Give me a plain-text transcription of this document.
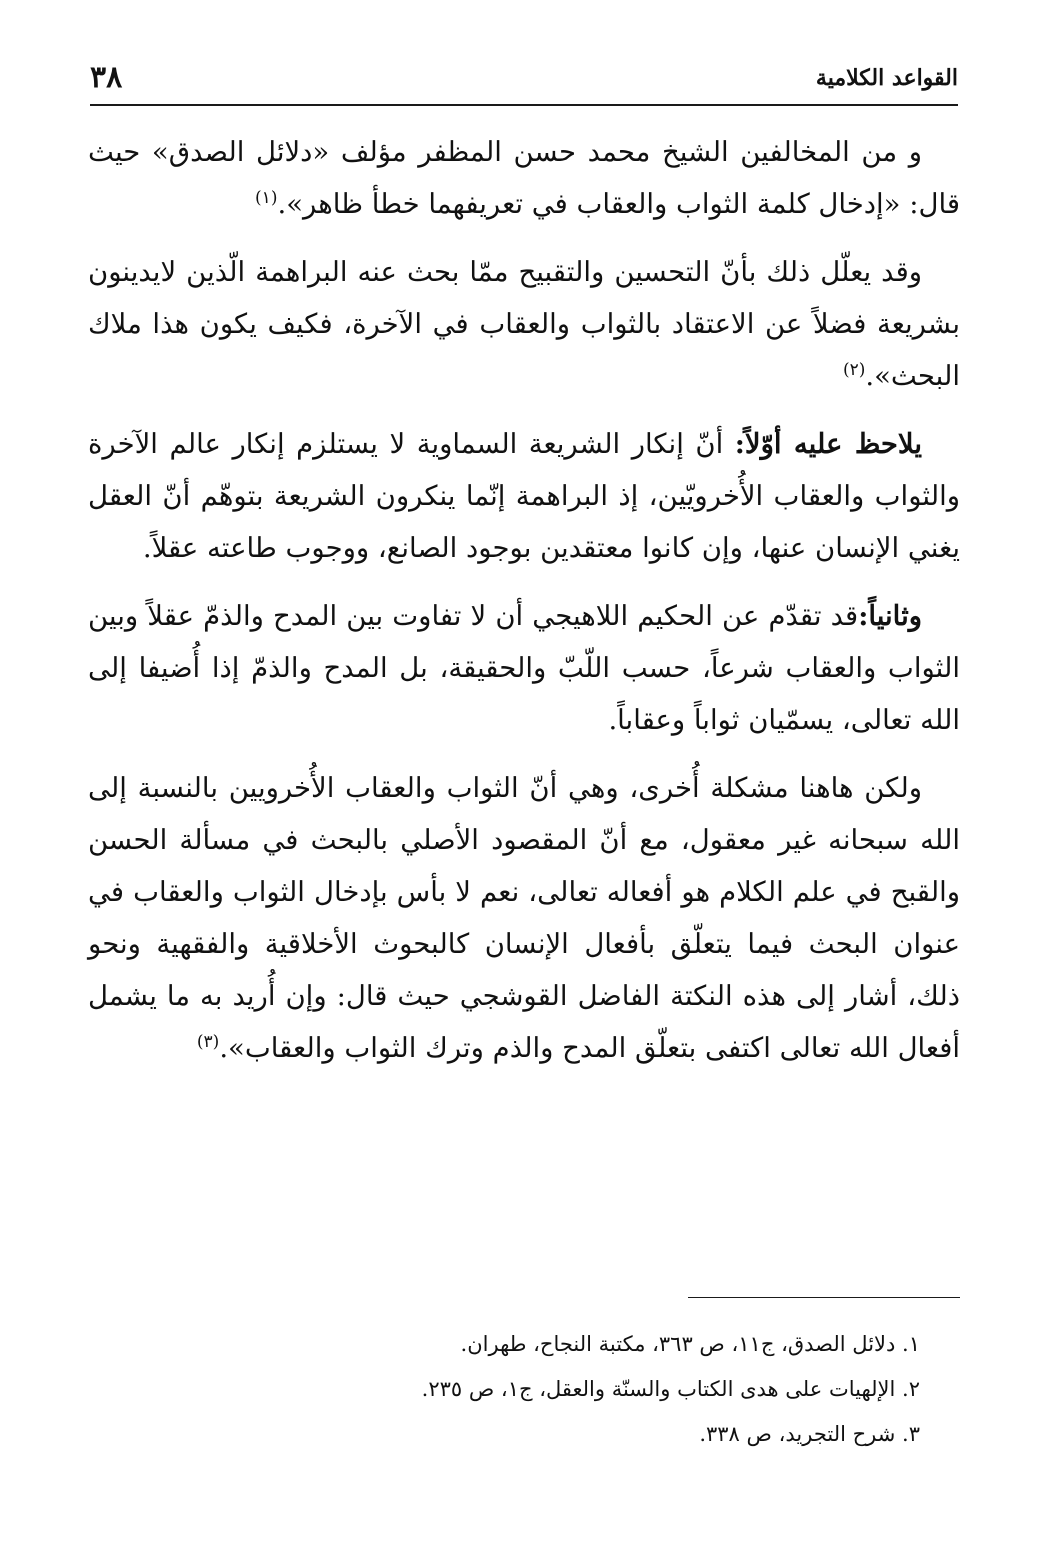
القواعد الكلامية
٣٨

و من المخالفين الشيخ محمد حسن المظفر مؤلف «دلائل الصدق» حيث قال: «إدخال كلمة الثواب والعقاب في تعريفهما خطأ ظاهر».$^{(١)}$

وقد يعلّل ذلك بأنّ التحسين والتقبيح ممّا بحث عنه البراهمة الّذين لايدينون بشريعة فضلاً عن الاعتقاد بالثواب والعقاب في الآخرة، فكيف يكون هذا ملاك البحث».$^{(٢)}$

يلاحظ عليه أوّلاً: أنّ إنكار الشريعة السماوية لا يستلزم إنكار عالم الآخرة والثواب والعقاب الأُخرويّين، إذ البراهمة إنّما ينكرون الشريعة بتوهّم أنّ العقل يغني الإنسان عنها، وإن كانوا معتقدين بوجود الصانع، ووجوب طاعته عقلاً.

وثانياً:قد تقدّم عن الحكيم اللاهيجي أن لا تفاوت بين المدح والذمّ عقلاً وبين الثواب والعقاب شرعاً، حسب اللّبّ والحقيقة، بل المدح والذمّ إذا أُضيفا إلى الله تعالى، يسمّيان ثواباً وعقاباً.

ولكن هاهنا مشكلة أُخرى، وهي أنّ الثواب والعقاب الأُخرويين بالنسبة إلى الله سبحانه غير معقول، مع أنّ المقصود الأصلي بالبحث في مسألة الحسن والقبح في علم الكلام هو أفعاله تعالى، نعم لا بأس بإدخال الثواب والعقاب في عنوان البحث فيما يتعلّق بأفعال الإنسان كالبحوث الأخلاقية والفقهية ونحو ذلك، أشار إلى هذه النكتة الفاضل القوشجي حيث قال: وإن أُريد به ما يشمل أفعال الله تعالى اكتفى بتعلّق المدح والذم وترك الثواب والعقاب».$^{(٣)}$

١. دلائل الصدق، ج١١، ص ٣٦٣، مكتبة النجاح، طهران.

٢. الإلهيات على هدى الكتاب والسنّة والعقل، ج١، ص ٢٣٥.

٣. شرح التجريد، ص ٣٣٨.
